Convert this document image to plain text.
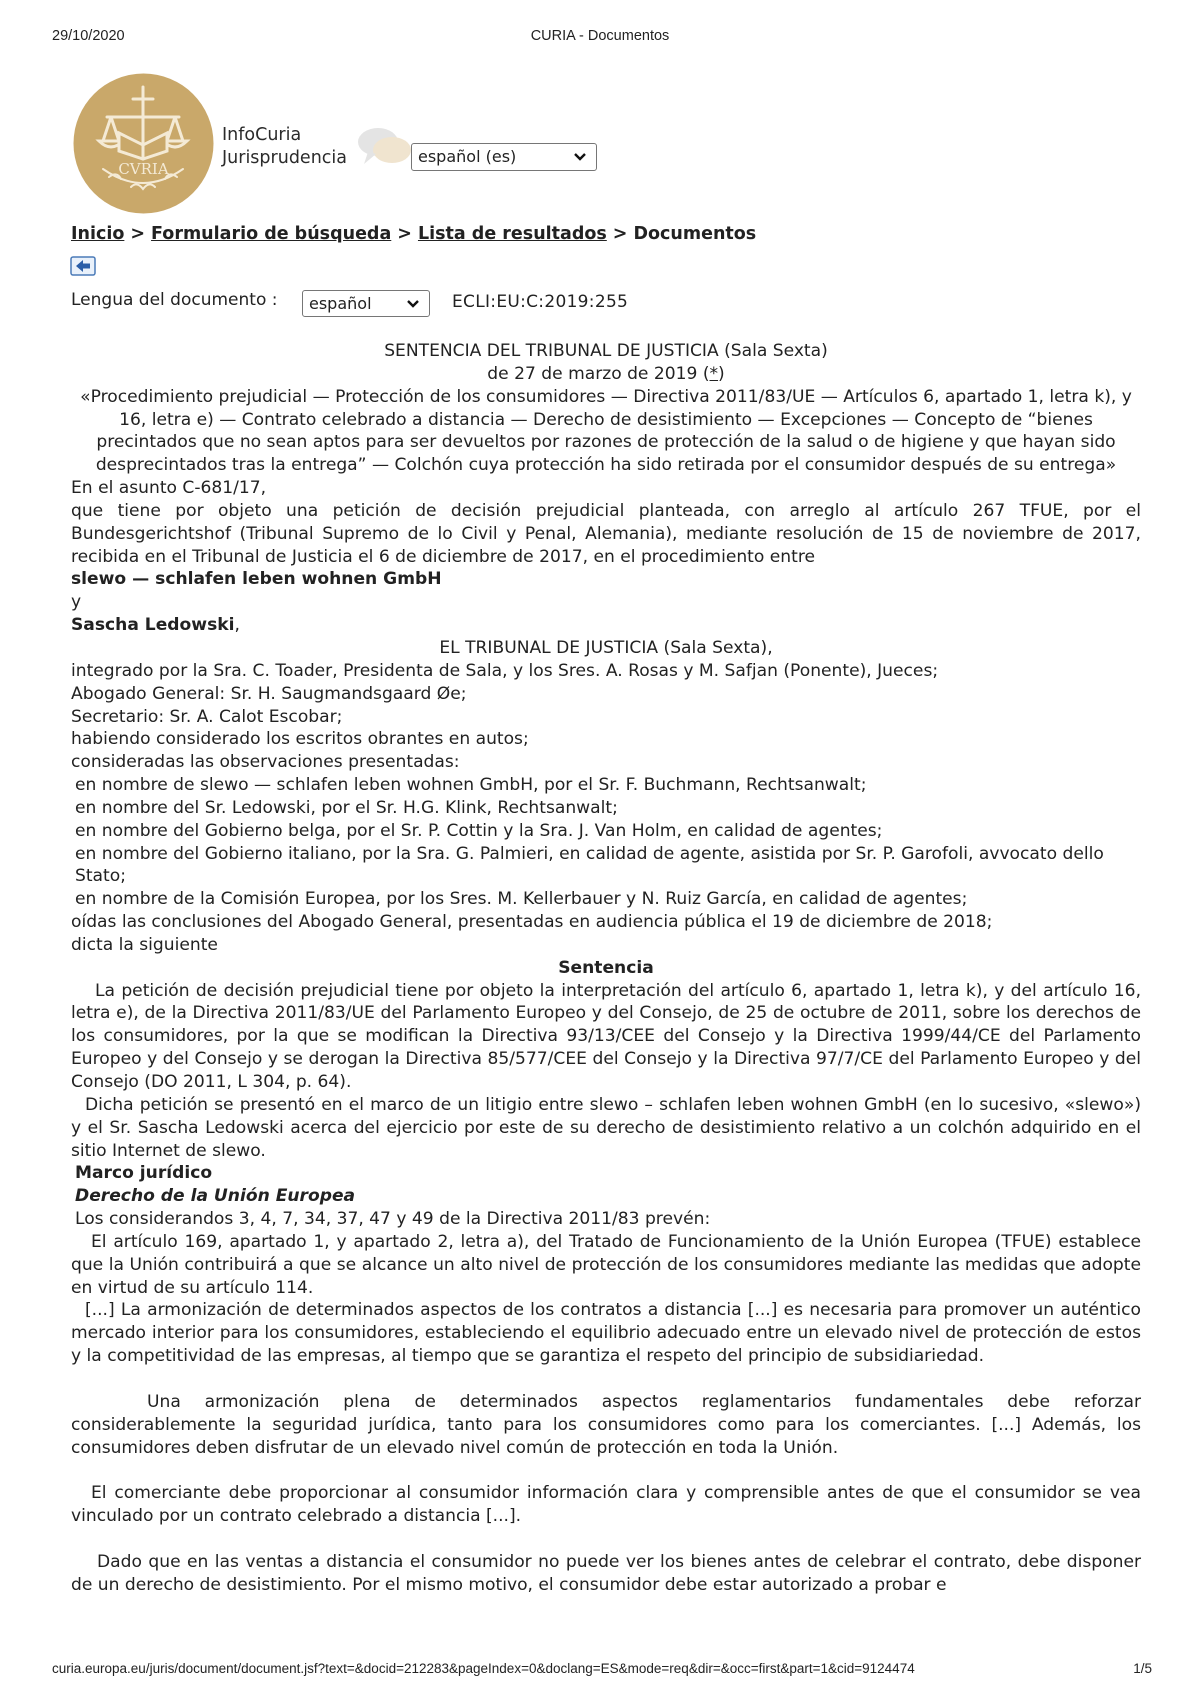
29/10/2020	CURIA - Documentos
CVRIA
InfoCuria
Jurisprudencia	español (es)
Inicio > Formulario de búsqueda > Lista de resultados > Documentos
Lengua del documento :	español	ECLI:EU:C:2019:255

SENTENCIA DEL TRIBUNAL DE JUSTICIA (Sala Sexta)

de 27 de marzo de 2019 (*)

«Procedimiento prejudicial — Protección de los consumidores — Directiva 2011/83/UE — Artículos 6, apartado 1, letra k), y 16, letra e) — Contrato celebrado a distancia — Derecho de desistimiento — Excepciones — Concepto de “bienes precintados que no sean aptos para ser devueltos por razones de protección de la salud o de higiene y que hayan sido desprecintados tras la entrega” — Colchón cuya protección ha sido retirada por el consumidor después de su entrega»

En el asunto C-681/17,

que tiene por objeto una petición de decisión prejudicial planteada, con arreglo al artículo 267 TFUE, por el Bundesgerichtshof (Tribunal Supremo de lo Civil y Penal, Alemania), mediante resolución de 15 de noviembre de 2017, recibida en el Tribunal de Justicia el 6 de diciembre de 2017, en el procedimiento entre

slewo — schlafen leben wohnen GmbH

y

Sascha Ledowski,

EL TRIBUNAL DE JUSTICIA (Sala Sexta),

integrado por la Sra. C. Toader, Presidenta de Sala, y los Sres. A. Rosas y M. Safjan (Ponente), Jueces;

Abogado General: Sr. H. Saugmandsgaard Øe;

Secretario: Sr. A. Calot Escobar;

habiendo considerado los escritos obrantes en autos;

consideradas las observaciones presentadas:

en nombre de slewo — schlafen leben wohnen GmbH, por el Sr. F. Buchmann, Rechtsanwalt;

en nombre del Sr. Ledowski, por el Sr. H.G. Klink, Rechtsanwalt;

en nombre del Gobierno belga, por el Sr. P. Cottin y la Sra. J. Van Holm, en calidad de agentes;

en nombre del Gobierno italiano, por la Sra. G. Palmieri, en calidad de agente, asistida por Sr. P. Garofoli, avvocato dello Stato;

en nombre de la Comisión Europea, por los Sres. M. Kellerbauer y N. Ruiz García, en calidad de agentes;

oídas las conclusiones del Abogado General, presentadas en audiencia pública el 19 de diciembre de 2018;

dicta la siguiente

Sentencia

La petición de decisión prejudicial tiene por objeto la interpretación del artículo 6, apartado 1, letra k), y del artículo 16, letra e), de la Directiva 2011/83/UE del Parlamento Europeo y del Consejo, de 25 de octubre de 2011, sobre los derechos de los consumidores, por la que se modifican la Directiva 93/13/CEE del Consejo y la Directiva 1999/44/CE del Parlamento Europeo y del Consejo y se derogan la Directiva 85/577/CEE del Consejo y la Directiva 97/7/CE del Parlamento Europeo y del Consejo (DO 2011, L 304, p. 64).

Dicha petición se presentó en el marco de un litigio entre slewo – schlafen leben wohnen GmbH (en lo sucesivo, «slewo») y el Sr. Sascha Ledowski acerca del ejercicio por este de su derecho de desistimiento relativo a un colchón adquirido en el sitio Internet de slewo.

Marco jurídico

Derecho de la Unión Europea

Los considerandos 3, 4, 7, 34, 37, 47 y 49 de la Directiva 2011/83 prevén:

El artículo 169, apartado 1, y apartado 2, letra a), del Tratado de Funcionamiento de la Unión Europea (TFUE) establece que la Unión contribuirá a que se alcance un alto nivel de protección de los consumidores mediante las medidas que adopte en virtud de su artículo 114.

[...] La armonización de determinados aspectos de los contratos a distancia [...] es necesaria para promover un auténtico mercado interior para los consumidores, estableciendo el equilibrio adecuado entre un elevado nivel de protección de estos y la competitividad de las empresas, al tiempo que se garantiza el respeto del principio de subsidiariedad.

Una armonización plena de determinados aspectos reglamentarios fundamentales debe reforzar considerablemente la seguridad jurídica, tanto para los consumidores como para los comerciantes. [...] Además, los consumidores deben disfrutar de un elevado nivel común de protección en toda la Unión.

El comerciante debe proporcionar al consumidor información clara y comprensible antes de que el consumidor se vea vinculado por un contrato celebrado a distancia [...].

Dado que en las ventas a distancia el consumidor no puede ver los bienes antes de celebrar el contrato, debe disponer de un derecho de desistimiento. Por el mismo motivo, el consumidor debe estar autorizado a probar e

curia.europa.eu/juris/document/document.jsf?text=&docid=212283&pageIndex=0&doclang=ES&mode=req&dir=&occ=first&part=1&cid=9124474	1/5
